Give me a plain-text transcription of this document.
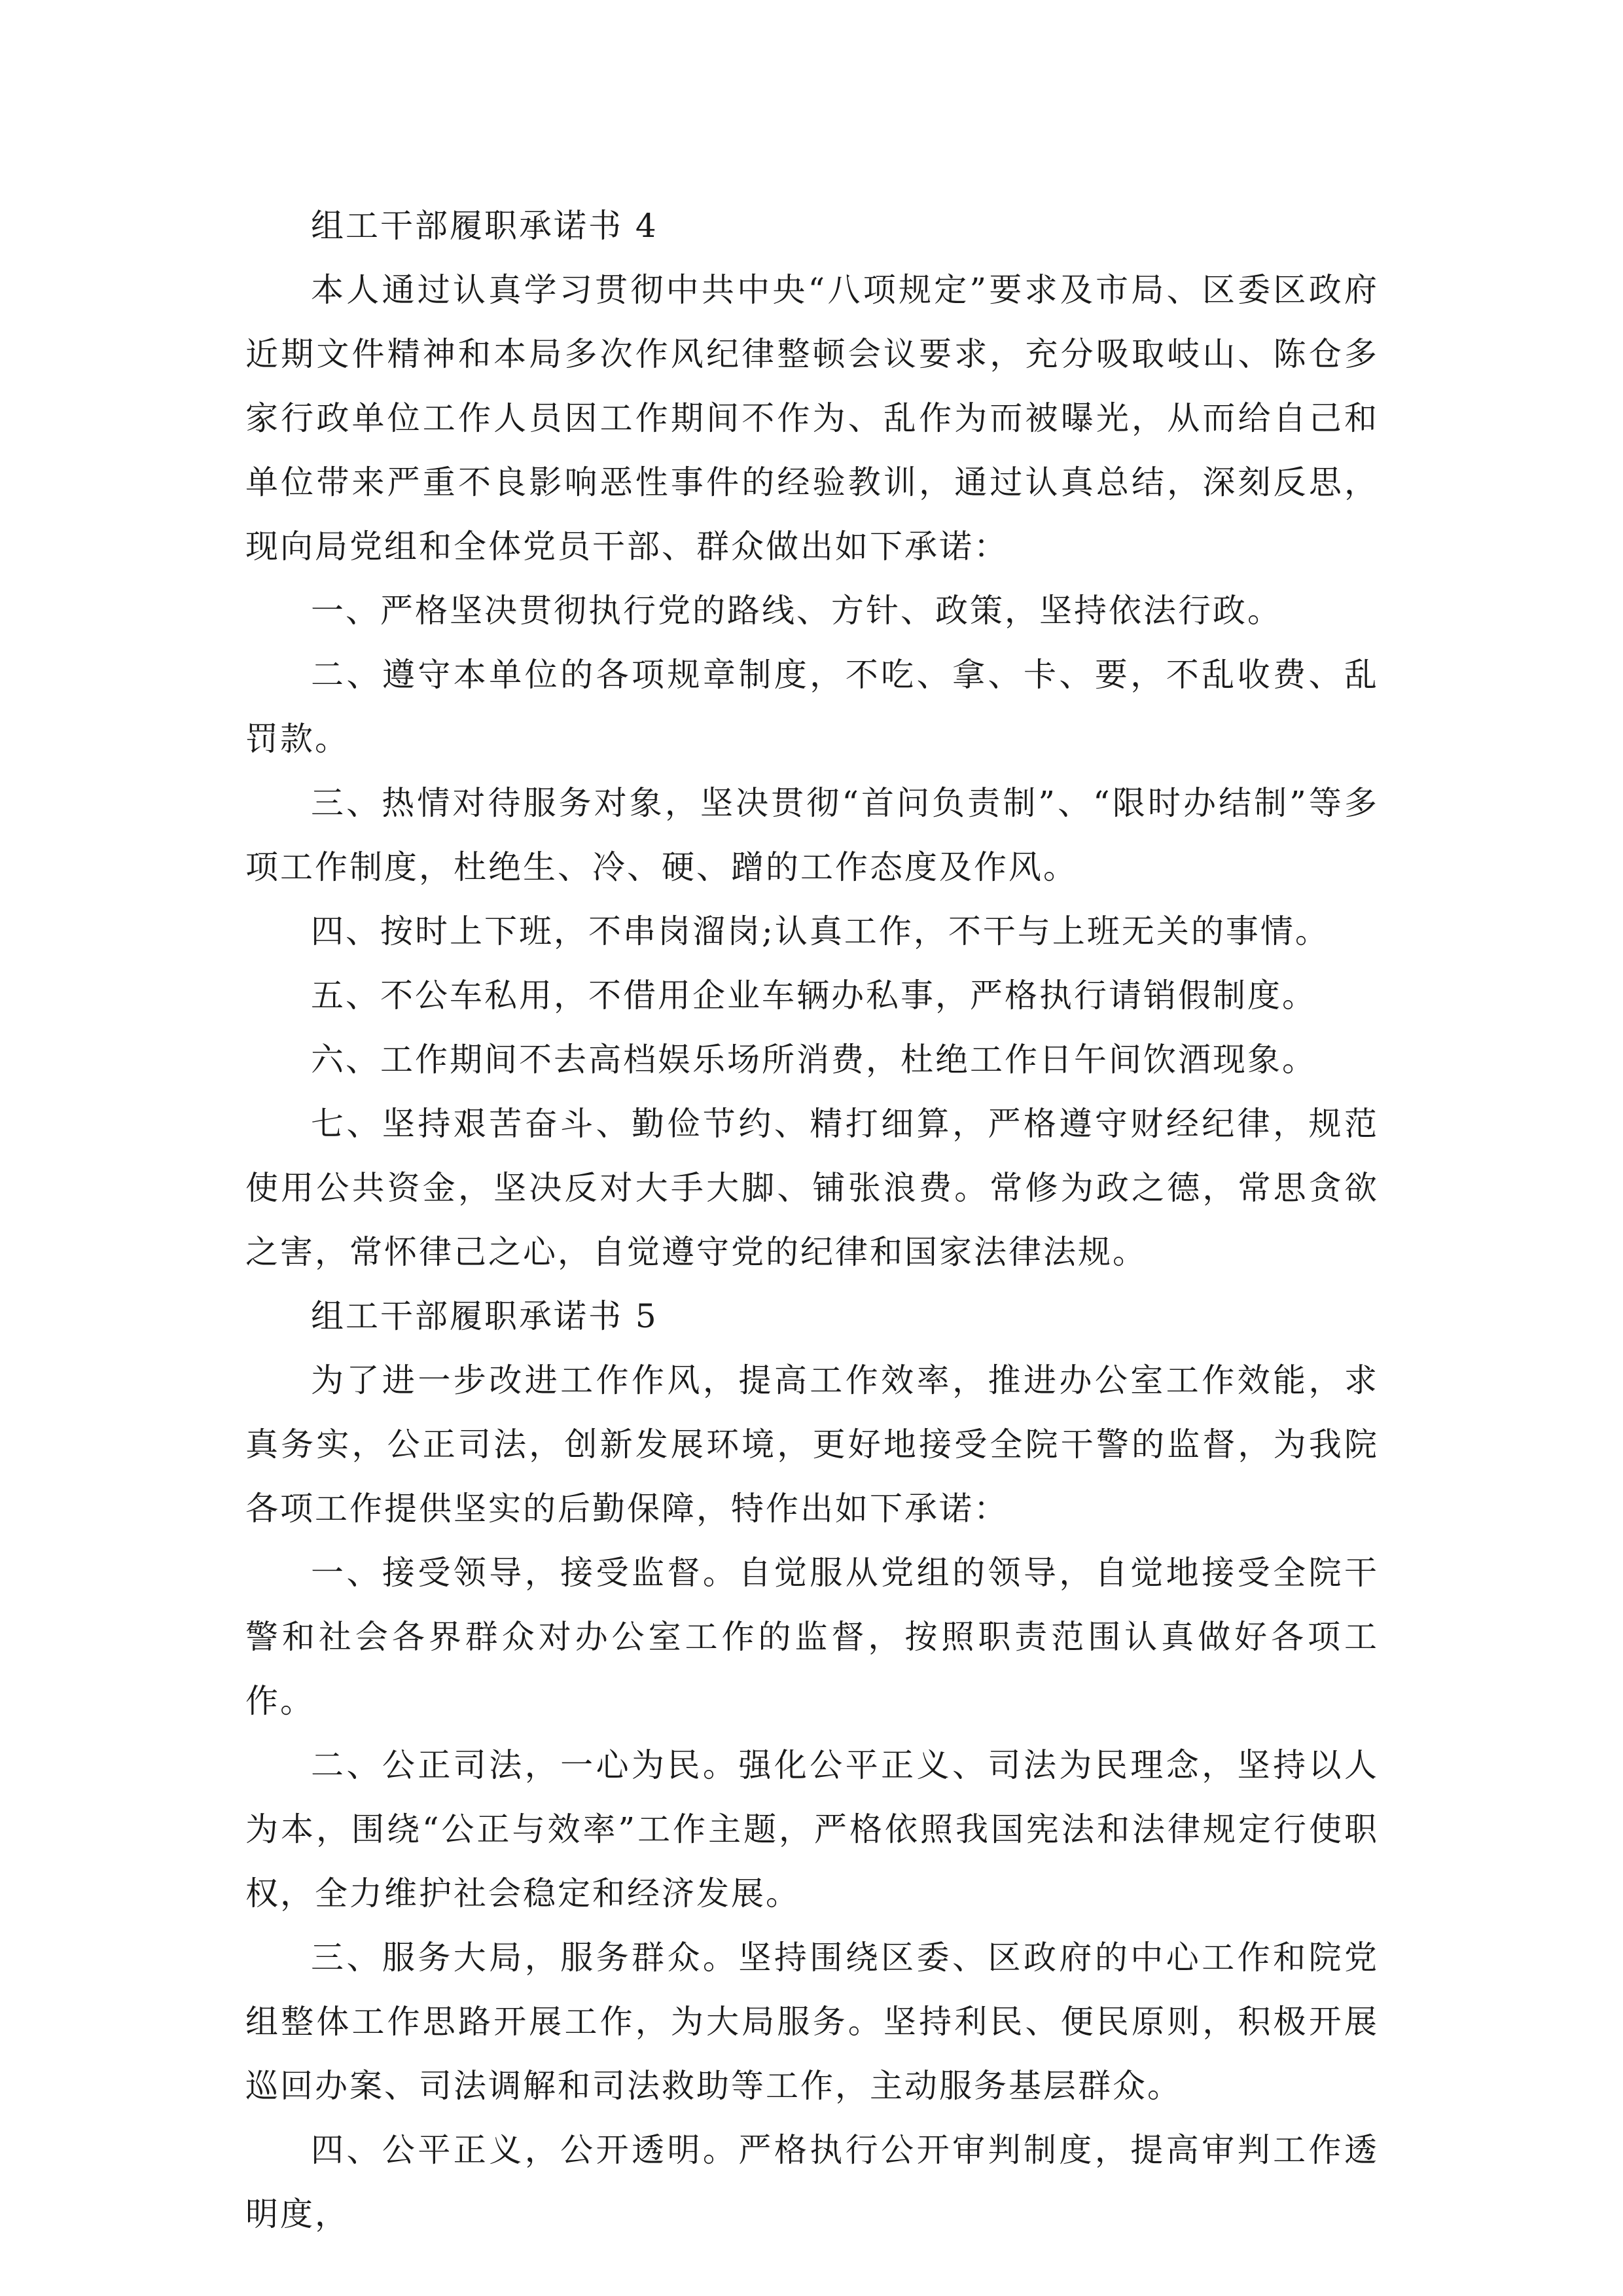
组工干部履职承诺书 4

本人通过认真学习贯彻中共中央“八项规定”要求及市局、区委区政府近期文件精神和本局多次作风纪律整顿会议要求，充分吸取岐山、陈仓多家行政单位工作人员因工作期间不作为、乱作为而被曝光，从而给自己和单位带来严重不良影响恶性事件的经验教训，通过认真总结，深刻反思，现向局党组和全体党员干部、群众做出如下承诺：

一、严格坚决贯彻执行党的路线、方针、政策，坚持依法行政。

二、遵守本单位的各项规章制度，不吃、拿、卡、要，不乱收费、乱罚款。

三、热情对待服务对象，坚决贯彻“首问负责制”、“限时办结制”等多项工作制度，杜绝生、冷、硬、蹭的工作态度及作风。

四、按时上下班，不串岗溜岗;认真工作，不干与上班无关的事情。

五、不公车私用，不借用企业车辆办私事，严格执行请销假制度。

六、工作期间不去高档娱乐场所消费，杜绝工作日午间饮酒现象。

七、坚持艰苦奋斗、勤俭节约、精打细算，严格遵守财经纪律，规范使用公共资金，坚决反对大手大脚、铺张浪费。常修为政之德，常思贪欲之害，常怀律己之心，自觉遵守党的纪律和国家法律法规。

组工干部履职承诺书 5

为了进一步改进工作作风，提高工作效率，推进办公室工作效能，求真务实，公正司法，创新发展环境，更好地接受全院干警的监督，为我院各项工作提供坚实的后勤保障，特作出如下承诺：

一、接受领导，接受监督。自觉服从党组的领导，自觉地接受全院干警和社会各界群众对办公室工作的监督，按照职责范围认真做好各项工作。

二、公正司法，一心为民。强化公平正义、司法为民理念，坚持以人为本，围绕“公正与效率”工作主题，严格依照我国宪法和法律规定行使职权，全力维护社会稳定和经济发展。

三、服务大局，服务群众。坚持围绕区委、区政府的中心工作和院党组整体工作思路开展工作，为大局服务。坚持利民、便民原则，积极开展巡回办案、司法调解和司法救助等工作，主动服务基层群众。

四、公平正义，公开透明。严格执行公开审判制度，提高审判工作透明度，
